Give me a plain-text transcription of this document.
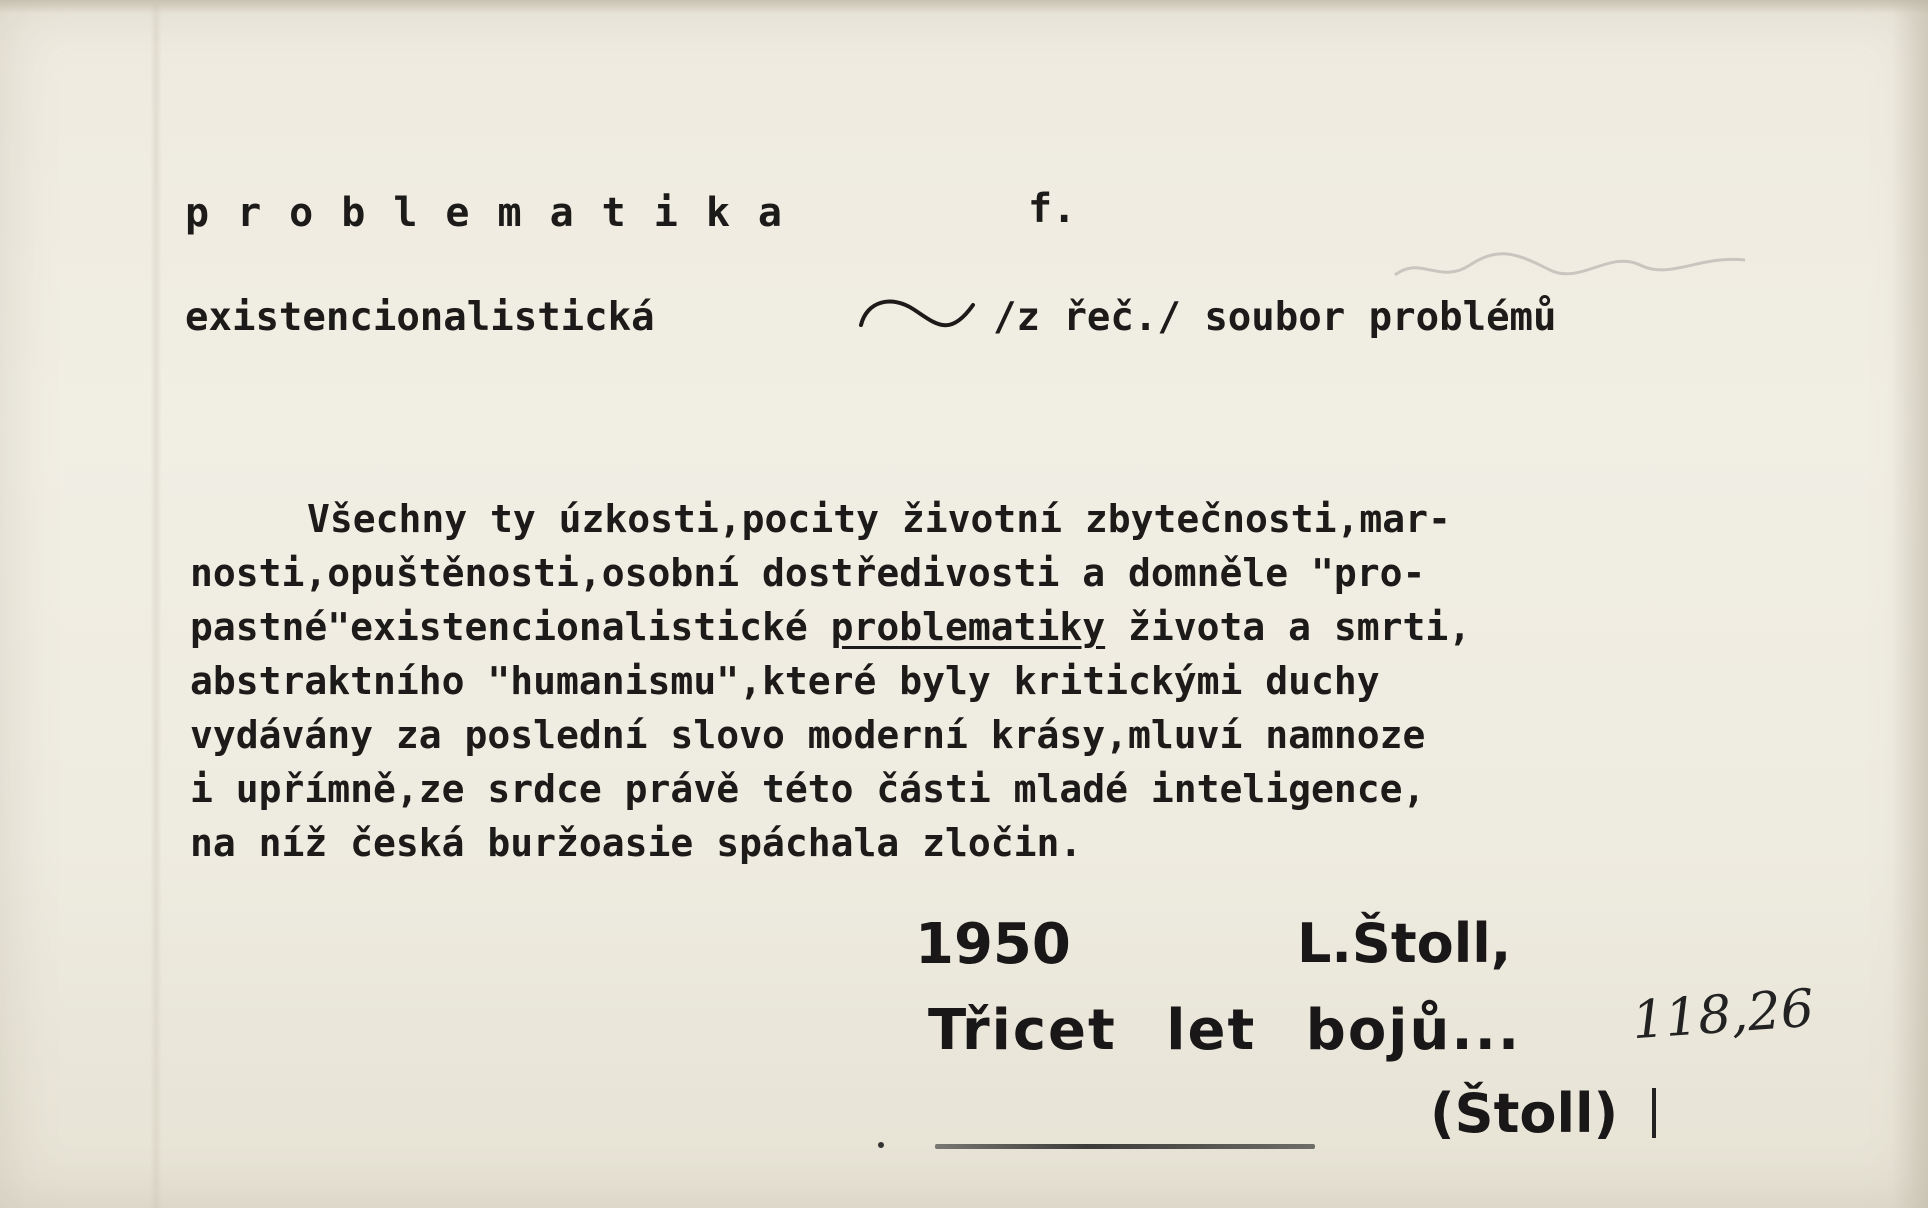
problematika	f.
existencionalistická	/z řeč./ soubor problémů
Všechny ty úzkosti,pocity životní zbytečnosti,mar-
nosti,opuštěnosti,osobní dostředivosti a domněle "pro-
pastné"existencionalistické problematiky života a smrti,
abstraktního "humanismu",které byly kritickými duchy
vydávány za poslední slovo moderní krásy,mluví namnoze
i upřímně,ze srdce právě této části mladé inteligence,
na níž česká buržoasie spáchala zločin.
1950	L.Štoll,
Třicet let bojů... 118,26
(Štoll)
